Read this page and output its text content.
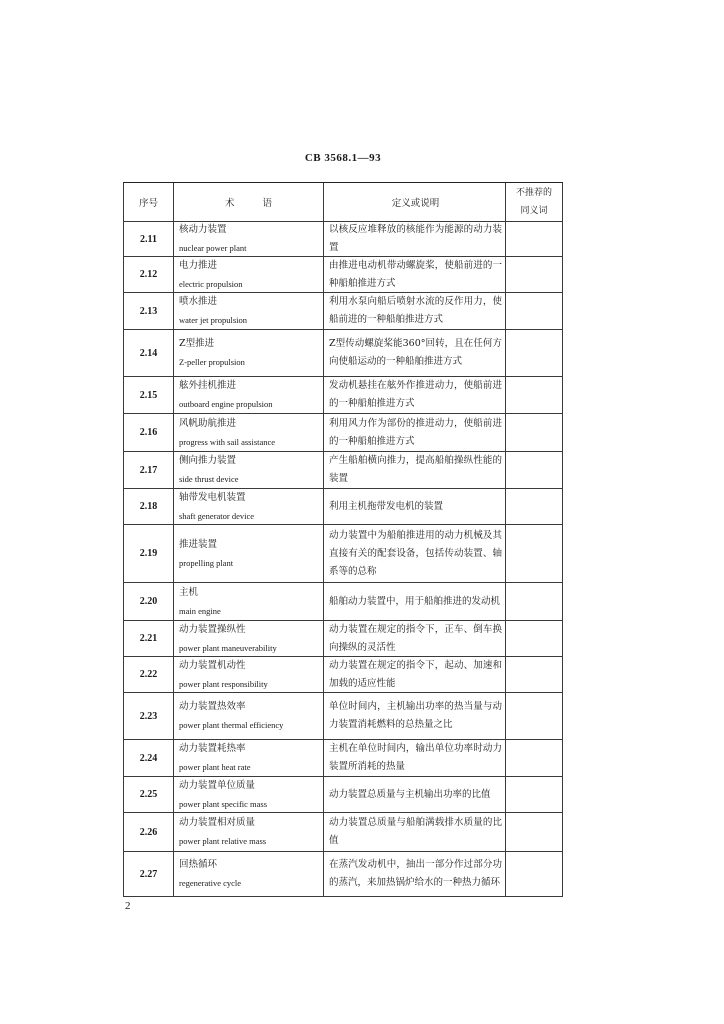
CB 3568.1—93
序号	术语	定义或说明
不推荐的
同义词
2.11
核动力装置
nuclear power plant
以核反应堆释放的核能作为能源的动力装置
2.12
电力推进
electric propulsion
由推进电动机带动螺旋桨，使船前进的一种船舶推进方式
2.13
喷水推进
water jet propulsion
利用水泵向船后喷射水流的反作用力，使船前进的一种船舶推进方式
2.14
Z型推进
Z-peller propulsion
Z型传动螺旋桨能360°回转，且在任何方向使船运动的一种船舶推进方式
2.15
舷外挂机推进
outboard engine propulsion
发动机悬挂在舷外作推进动力，使船前进的一种船舶推进方式
2.16
风帆助航推进
progress with sail assistance
利用风力作为部份的推进动力，使船前进的一种船舶推进方式
2.17
侧向推力装置
side thrust device
产生船舶横向推力，提高船舶操纵性能的装置
2.18
轴带发电机装置
shaft generator device
利用主机拖带发电机的装置
2.19
推进装置
propelling plant
动力装置中为船舶推进用的动力机械及其直接有关的配套设备，包括传动装置、轴系等的总称
2.20
主机
main engine
船舶动力装置中，用于船舶推进的发动机
2.21
动力装置操纵性
power plant maneuverability
动力装置在规定的指令下，正车、倒车换向操纵的灵活性
2.22
动力装置机动性
power plant responsibility
动力装置在规定的指令下，起动、加速和加载的适应性能
2.23
动力装置热效率
power plant thermal efficiency
单位时间内，主机输出功率的热当量与动力装置消耗燃料的总热量之比
2.24
动力装置耗热率
power plant heat rate
主机在单位时间内，输出单位功率时动力装置所消耗的热量
2.25
动力装置单位质量
power plant specific mass
动力装置总质量与主机输出功率的比值
2.26
动力装置相对质量
power plant relative mass
动力装置总质量与船舶满载排水质量的比值
2.27
回热循环
regenerative cycle
在蒸汽发动机中，抽出一部分作过部分功的蒸汽，来加热锅炉给水的一种热力循环
2
